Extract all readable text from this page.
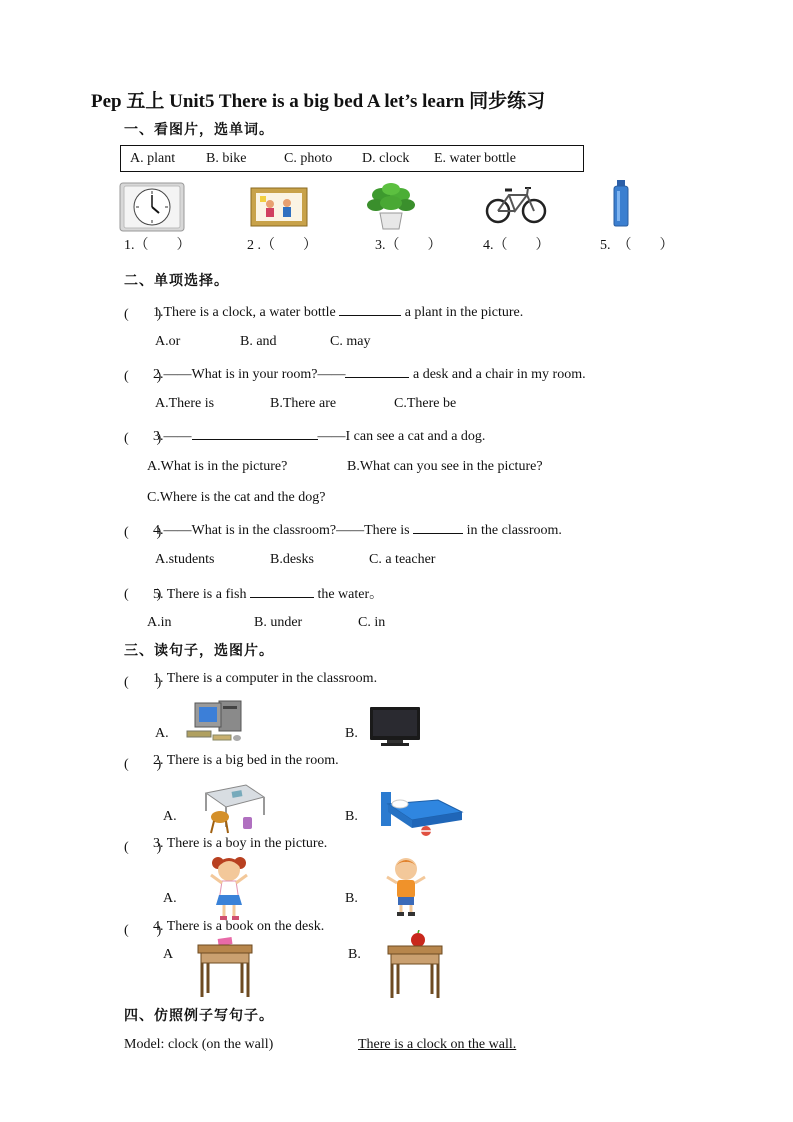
Pep 五上 Unit5 There is a big bed A let’s learn 同步练习
一、看图片，选单词。
A. plant B. bike	C. photo D. clock E. water bottle
1.（　　）	2 .（　　）	3.（　　）	4.（　　）	5.　（　　）
二、单项选择。
(　　)
1.There is a clock, a water bottle	a plant in the picture.
A.or	B. and	C. may
(　　)
2.——What is in your room?——	a desk and a chair in my room.
A.There is	B.There are	C.There be
(　　)
3.——	——I can see a cat and a dog.
A.What is in the picture?	B.What can you see in the picture?
C.Where is the cat and the dog?
(　　)
4.——What is in the classroom?——There is	in the classroom.
A.students	B.desks	C. a teacher
(　　)
5. There is a fish	the water。
A.in	B. under	C. in
三、读句子，选图片。
(　　)
1. There is a computer in the classroom.
A.	B.
(　　)
2. There is a big bed in the room.
A.	B.
(　　)
3. There is a boy in the picture.
A.	B.
(　　)
4. There is a book on the desk.
A	B.
四、仿照例子写句子。
Model: clock (on the wall)	There is a clock on the wall.
